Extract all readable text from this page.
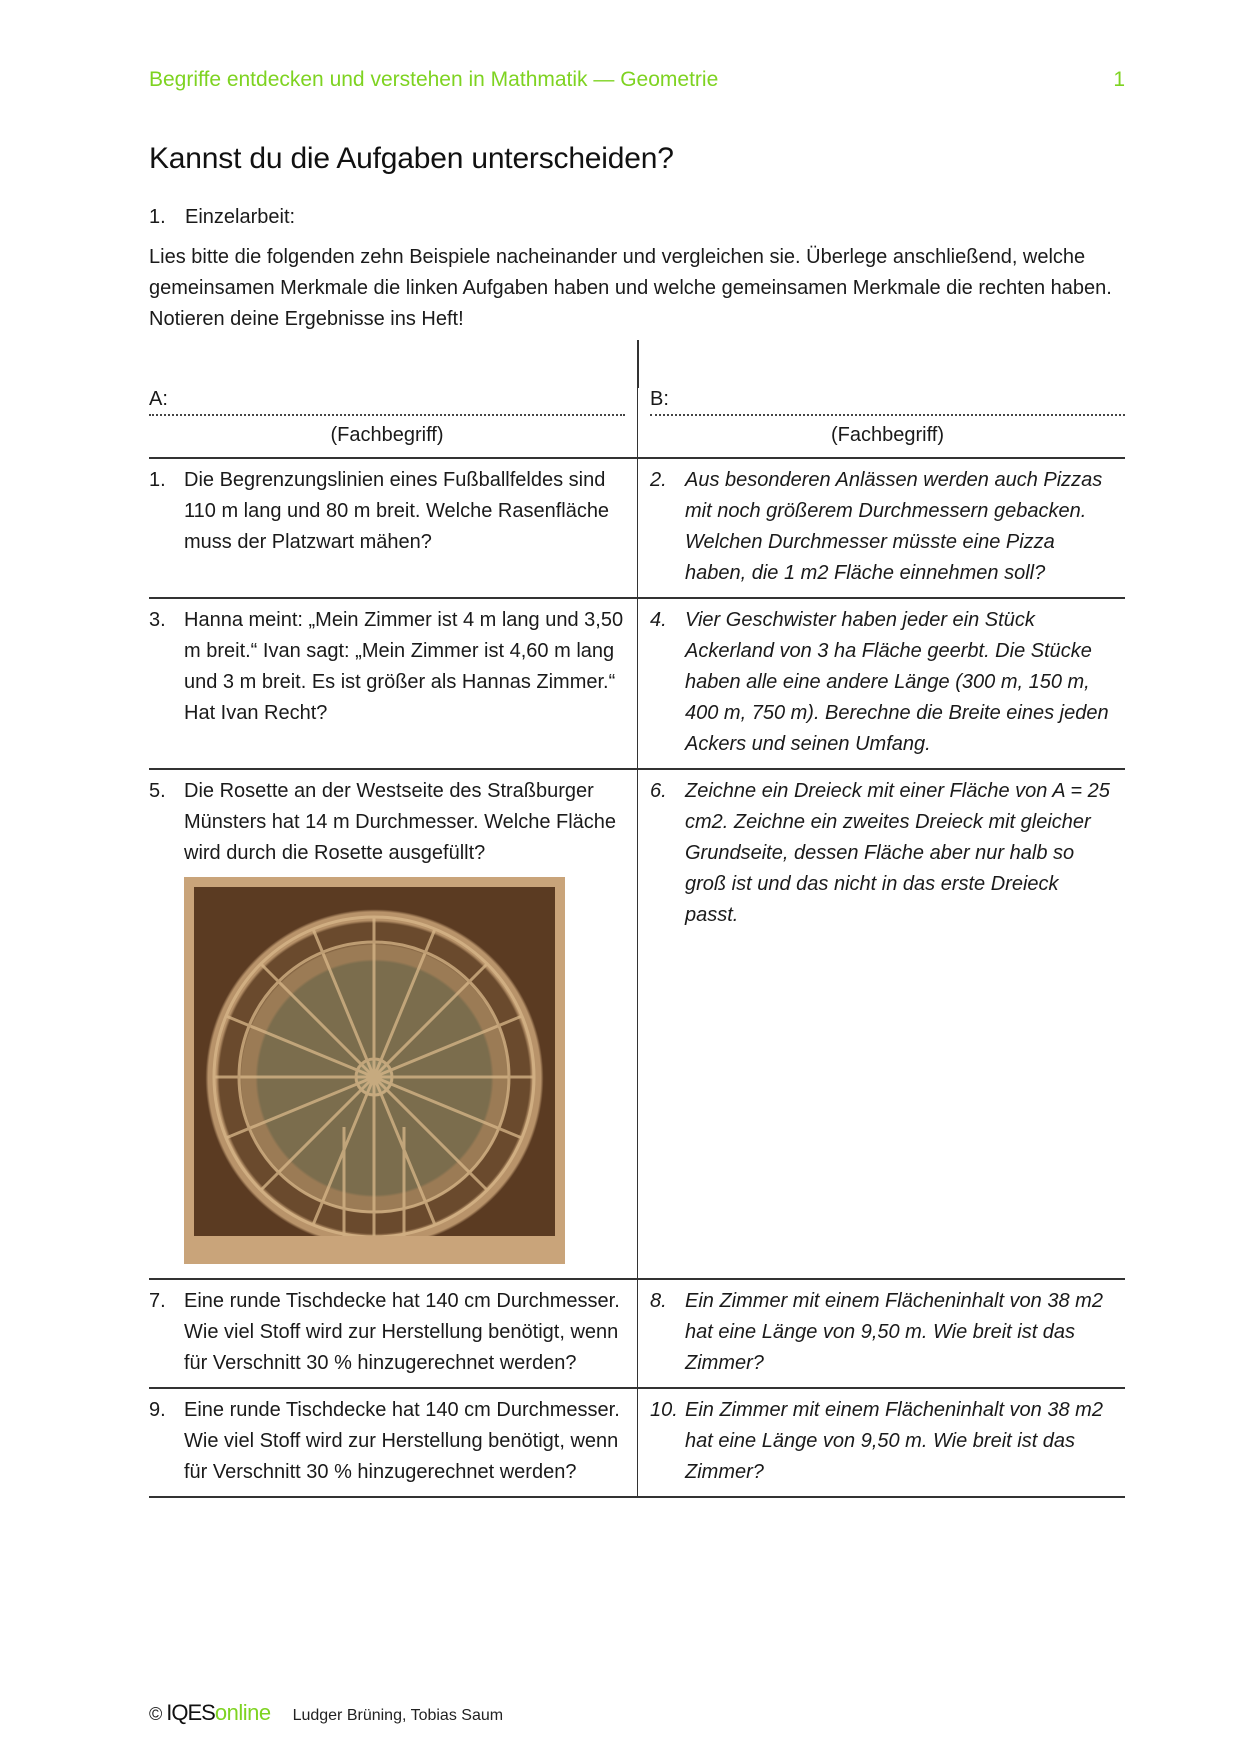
Begriffe entdecken und verstehen in Mathmatik — Geometrie	1
Kannst du die Aufgaben unterscheiden?
1. Einzelarbeit:
Lies bitte die folgenden zehn Beispiele nacheinander und vergleichen sie. Überlege anschließend, welche gemeinsamen Merkmale die linken Aufgaben haben und welche gemeinsamen Merkmale die rechten haben. Notieren deine Ergebnisse ins Heft!
A:
(Fachbegriff)
B:
(Fachbegriff)
1. Die Begrenzungslinien eines Fußballfeldes sind 110 m lang und 80 m breit. Welche Rasenfläche muss der Platzwart mähen?
2. Aus besonderen Anlässen werden auch Pizzas mit noch größerem Durchmessern gebacken. Welchen Durchmesser müsste eine Pizza haben, die 1 m2 Fläche einnehmen soll?
3. Hanna meint: „Mein Zimmer ist 4 m lang und 3,50 m breit.“ Ivan sagt: „Mein Zimmer ist 4,60 m lang und 3 m breit. Es ist größer als Hannas Zimmer.“ Hat Ivan Recht?
4. Vier Geschwister haben jeder ein Stück Ackerland von 3 ha Fläche geerbt. Die Stücke haben alle eine andere Länge (300 m, 150 m, 400 m, 750 m). Berechne die Breite eines jeden Ackers und seinen Umfang.
5. Die Rosette an der Westseite des Straßburger Münsters hat 14 m Durchmesser. Welche Fläche wird durch die Rosette ausgefüllt?
6. Zeichne ein Dreieck mit einer Fläche von A = 25 cm2. Zeichne ein zweites Dreieck mit gleicher Grundseite, dessen Fläche aber nur halb so groß ist und das nicht in das erste Dreieck passt.
7. Eine runde Tischdecke hat 140 cm Durchmesser. Wie viel Stoff wird zur Herstellung benötigt, wenn für Verschnitt 30 % hinzugerechnet werden?
8. Ein Zimmer mit einem Flächeninhalt von 38 m2 hat eine Länge von 9,50 m. Wie breit ist das Zimmer?
9. Eine runde Tischdecke hat 140 cm Durchmesser. Wie viel Stoff wird zur Herstellung benötigt, wenn für Verschnitt 30 % hinzugerechnet werden?
10. Ein Zimmer mit einem Flächeninhalt von 38 m2 hat eine Länge von 9,50 m. Wie breit ist das Zimmer?
© IQES online Ludger Brüning, Tobias Saum
